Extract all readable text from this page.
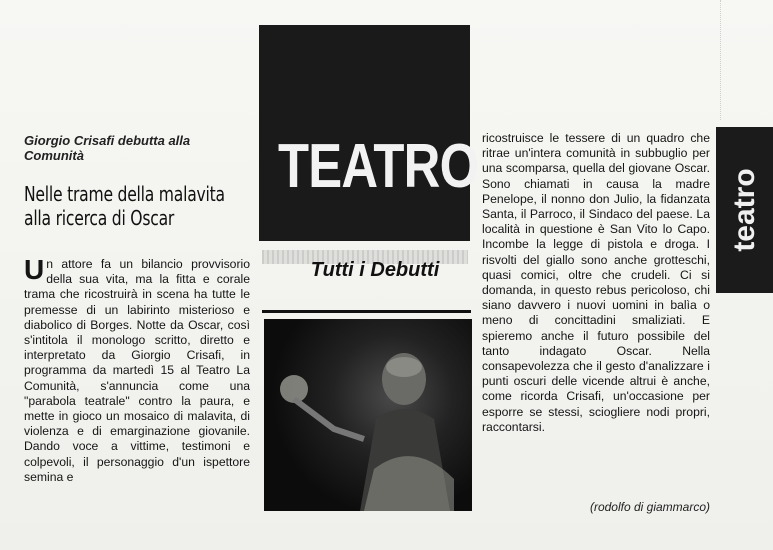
Giorgio Crisafi debutta alla Comunità
Nelle trame della malavita alla ricerca di Oscar
Un attore fa un bilancio provvisorio della sua vita, ma la fitta e corale trama che ricostruirà in scena ha tutte le premesse di un labirinto misterioso e diabolico di Borges. Notte da Oscar, così s'intitola il monologo scritto, diretto e interpretato da Giorgio Crisafi, in programma da martedì 15 al Teatro La Comunità, s'annuncia come una "parabola teatrale" contro la paura, e mette in gioco un mosaico di malavita, di violenza e di emarginazione giovanile. Dando voce a vittime, testimoni e colpevoli, il personaggio d'un ispettore semina e
TEATRO
Tutti i Debutti
ricostruisce le tessere di un quadro che ritrae un'intera comunità in subbuglio per una scomparsa, quella del giovane Oscar. Sono chiamati in causa la madre Penelope, il nonno don Julio, la fidanzata Santa, il Parroco, il Sindaco del paese. La località in questione è San Vito lo Capo. Incombe la legge di pistola e droga. I risvolti del giallo sono anche grotteschi, quasi comici, oltre che crudeli. Ci si domanda, in questo rebus pericoloso, chi siano davvero i nuovi uomini in balìa o meno di concittadini smaliziati. E spieremo anche il futuro possibile del tanto indagato Oscar. Nella consapevolezza che il gesto d'analizzare i punti oscuri delle vicende altrui è anche, come ricorda Crisafi, un'occasione per esporre se stessi, sciogliere nodi propri, raccontarsi.
(rodolfo di giammarco)
teatro
